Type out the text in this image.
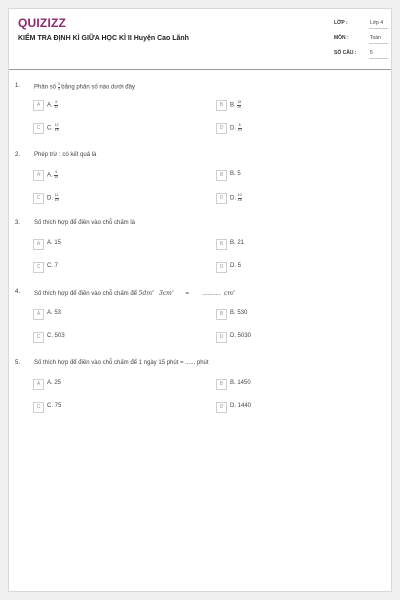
QUIZIZZ
KIỂM TRA ĐỊNH KÌ GIỮA HỌC KÌ II Huyện Cao Lãnh
LỚP :	Lớp 4
MÔN :	Toán
SỐ CÂU :	5
1. Phân số $\frac{3}{4}$ bằng phân số nào dưới đây
A	A. $\frac{6}{12}$	B	B. $\frac{15}{20}$
C	C. $\frac{12}{15}$	D	D. $\frac{8}{10}$
2. Phép trừ : có kết quả là
A	A. $\frac{5}{15}$	B	B. 5
C	D. $\frac{11}{15}$	D	D. $\frac{10}{15}$
3. Số thích hợp để điền vào chỗ chấm là
A	A. 15	B	B. 21
C	C. 7	D	D. 5
4. Số thích hợp để điền vào chỗ chấm để $5dm^2$ $3cm^2$ = ........... $cm^2$
A	A. 53	B	B. 530
C	C. 503	D	D. 5030
5. Số thích hợp để điền vào chỗ chấm để 1 ngày 15 phút = ...... phút
A	A. 25	B	B. 1450
C	C. 75	D	D. 1440
